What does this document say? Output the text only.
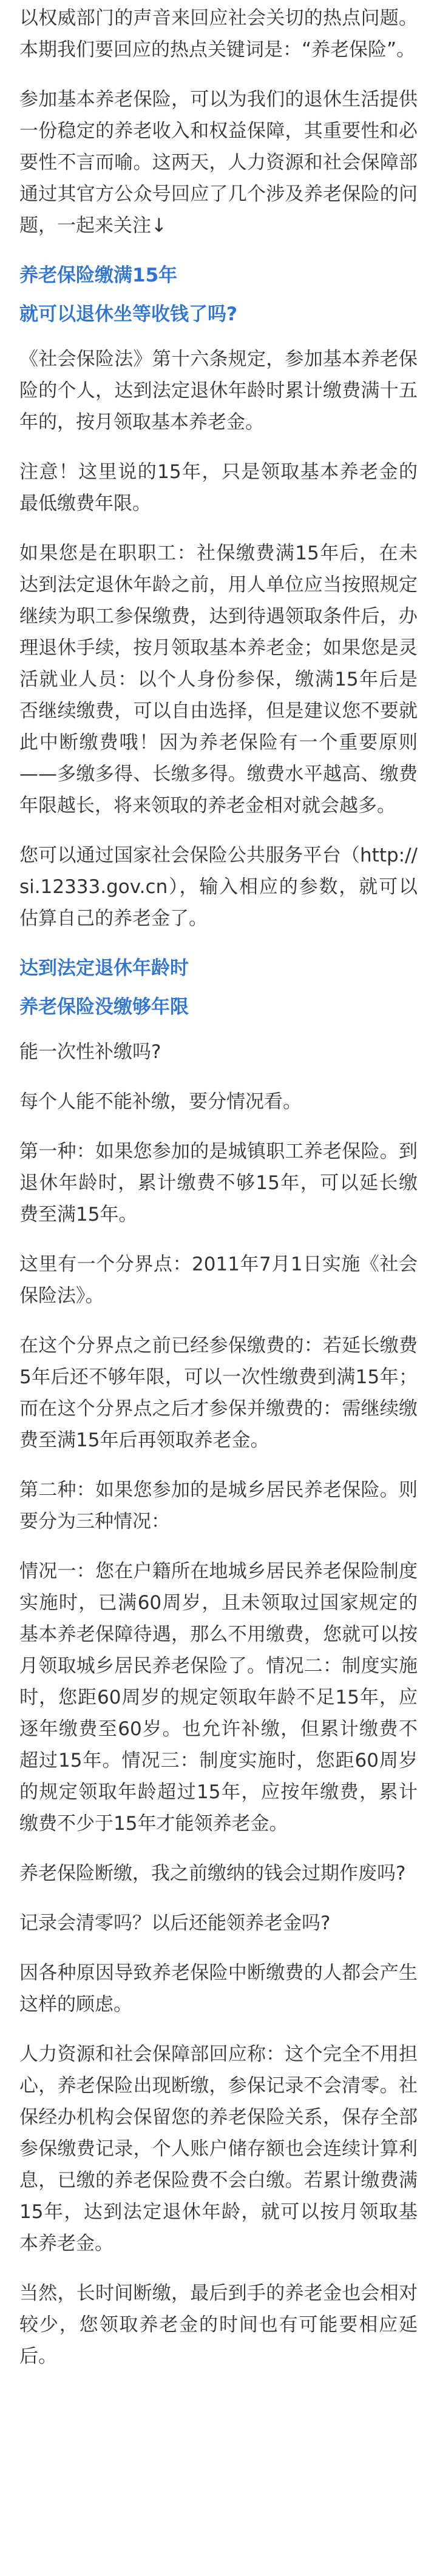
以权威部门的声音来回应社会关切的热点问题。本期我们要回应的热点关键词是：“养老保险”。

参加基本养老保险，可以为我们的退休生活提供一份稳定的养老收入和权益保障，其重要性和必要性不言而喻。这两天，人力资源和社会保障部通过其官方公众号回应了几个涉及养老保险的问题，一起来关注↓

养老保险缴满15年
就可以退休坐等收钱了吗?

《社会保险法》第十六条规定，参加基本养老保险的个人，达到法定退休年龄时累计缴费满十五年的，按月领取基本养老金。

注意！这里说的15年，只是领取基本养老金的最低缴费年限。

如果您是在职职工：社保缴费满15年后，在未达到法定退休年龄之前，用人单位应当按照规定继续为职工参保缴费，达到待遇领取条件后，办理退休手续，按月领取基本养老金；如果您是灵活就业人员：以个人身份参保，缴满15年后是否继续缴费，可以自由选择，但是建议您不要就此中断缴费哦！因为养老保险有一个重要原则——多缴多得、长缴多得。缴费水平越高、缴费年限越长，将来领取的养老金相对就会越多。

您可以通过国家社会保险公共服务平台（http://si.12333.gov.cn），输入相应的参数，就可以估算自己的养老金了。

达到法定退休年龄时
养老保险没缴够年限

能一次性补缴吗?

每个人能不能补缴，要分情况看。

第一种：如果您参加的是城镇职工养老保险。到退休年龄时，累计缴费不够15年，可以延长缴费至满15年。

这里有一个分界点：2011年7月1日实施《社会保险法》。

在这个分界点之前已经参保缴费的：若延长缴费5年后还不够年限，可以一次性缴费到满15年；而在这个分界点之后才参保并缴费的：需继续缴费至满15年后再领取养老金。

第二种：如果您参加的是城乡居民养老保险。则要分为三种情况：

情况一：您在户籍所在地城乡居民养老保险制度实施时，已满60周岁，且未领取过国家规定的基本养老保障待遇，那么不用缴费，您就可以按月领取城乡居民养老保险了。情况二：制度实施时，您距60周岁的规定领取年龄不足15年，应逐年缴费至60岁。也允许补缴，但累计缴费不超过15年。情况三：制度实施时，您距60周岁的规定领取年龄超过15年，应按年缴费，累计缴费不少于15年才能领养老金。

养老保险断缴，我之前缴纳的钱会过期作废吗?

记录会清零吗？以后还能领养老金吗?

因各种原因导致养老保险中断缴费的人都会产生这样的顾虑。

人力资源和社会保障部回应称：这个完全不用担心，养老保险出现断缴，参保记录不会清零。社保经办机构会保留您的养老保险关系，保存全部参保缴费记录，个人账户储存额也会连续计算利息，已缴的养老保险费不会白缴。若累计缴费满15年，达到法定退休年龄，就可以按月领取基本养老金。

当然，长时间断缴，最后到手的养老金也会相对较少，您领取养老金的时间也有可能要相应延后。
